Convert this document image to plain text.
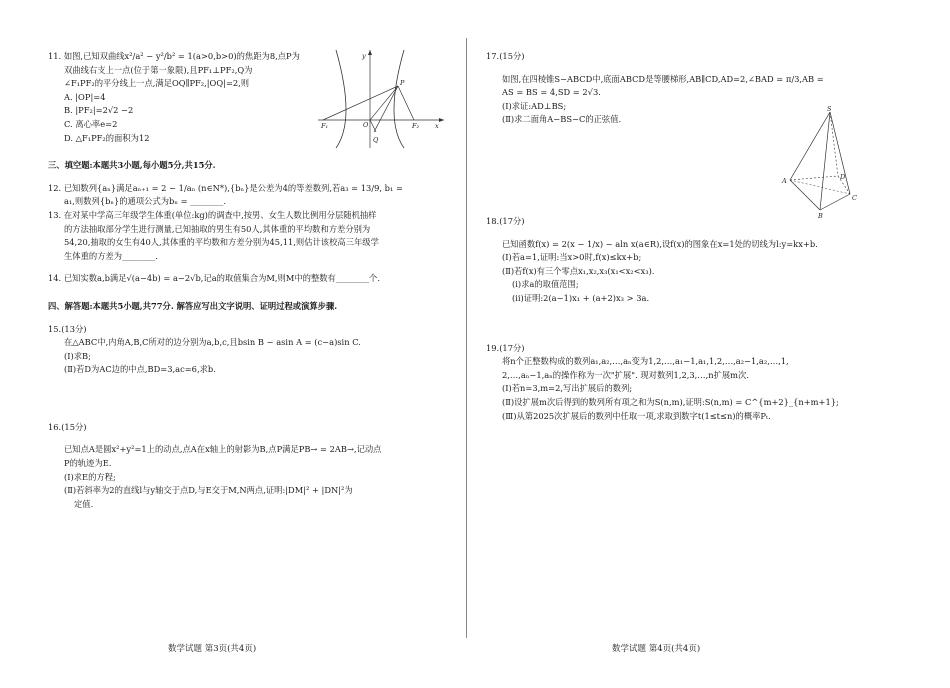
11. 如图,已知双曲线x²/a² − y²/b² = 1(a>0,b>0)的焦距为8,点P为
双曲线右支上一点(位于第一象限),且PF₁⊥PF₂,Q为
∠F₁PF₂的平分线上一点,满足OQ∥PF₂,|OQ|=2,则
A. |OP|=4
B. |PF₂|=2√2 −2
C. 离心率e=2
D. △F₁PF₂的面积为12
三、填空题:本题共3小题,每小题5分,共15分.
12. 已知数列{aₙ}满足aₙ₊₁ = 2 − 1/aₙ (n∈N*),{bₙ}是公差为4的等差数列,若a₃ = 13/9, b₁ =
a₁,则数列{bₙ}的通项公式为bₙ = ________.
13. 在对某中学高三年级学生体重(单位:kg)的调查中,按男、女生人数比例用分层随机抽样
的方法抽取部分学生进行测量,已知抽取的男生有50人,其体重的平均数和方差分别为
54,20,抽取的女生有40人,其体重的平均数和方差分别为45,11,则估计该校高三年级学
生体重的方差为________.
14. 已知实数a,b满足√(a−4b) = a−2√b,记a的取值集合为M,则M中的整数有________个.
四、解答题:本题共5小题,共77分. 解答应写出文字说明、证明过程或演算步骤.
15.(13分)
在△ABC中,内角A,B,C所对的边分别为a,b,c,且bsin B − asin A = (c−a)sin C.
(Ⅰ)求B;
(Ⅱ)若D为AC边的中点,BD=3,ac=6,求b.
16.(15分)
已知点A是圆x²+y²=1上的动点,点A在x轴上的射影为B,点P满足PB→ = 2AB→,记动点
P的轨迹为E.
(Ⅰ)求E的方程;
(Ⅱ)若斜率为2的直线l与y轴交于点D,与E交于M,N两点,证明:|DM|² + |DN|²为
定值.
y
P
F₁	O	F₂ x
Q
17.(15分)
如图,在四棱锥S−ABCD中,底面ABCD是等腰梯形,AB∥CD,AD=2,∠BAD = π/3,AB =
AS = BS = 4,SD = 2√3.
(Ⅰ)求证:AD⊥BS;
(Ⅱ)求二面角A−BS−C的正弦值.
18.(17分)
已知函数f(x) = 2(x − 1/x) − aln x(a∈R),设f(x)的图象在x=1处的切线为l:y=kx+b.
(Ⅰ)若a=1,证明:当x>0时,f(x)≤kx+b;
(Ⅱ)若f(x)有三个零点x₁,x₂,x₃(x₁<x₂<x₃).
(ⅰ)求a的取值范围;
(ⅱ)证明:2(a−1)x₁ + (a+2)x₃ > 3a.
19.(17分)
将n个正整数构成的数列a₁,a₂,…,aₙ变为1,2,…,a₁−1,a₁,1,2,…,a₂−1,a₂,…,1,
2,…,aₙ−1,aₙ的操作称为一次"扩展". 现对数列1,2,3,…,n扩展m次.
(Ⅰ)若n=3,m=2,写出扩展后的数列;
(Ⅱ)设扩展m次后得到的数列所有项之和为S(n,m),证明:S(n,m) = C^{m+2}_{n+m+1};
(Ⅲ)从第2025次扩展后的数列中任取一项,求取到数字t(1≤t≤n)的概率Pₜ.
S
A	D
C
B
数学试题 第3页(共4页)	数学试题 第4页(共4页)
